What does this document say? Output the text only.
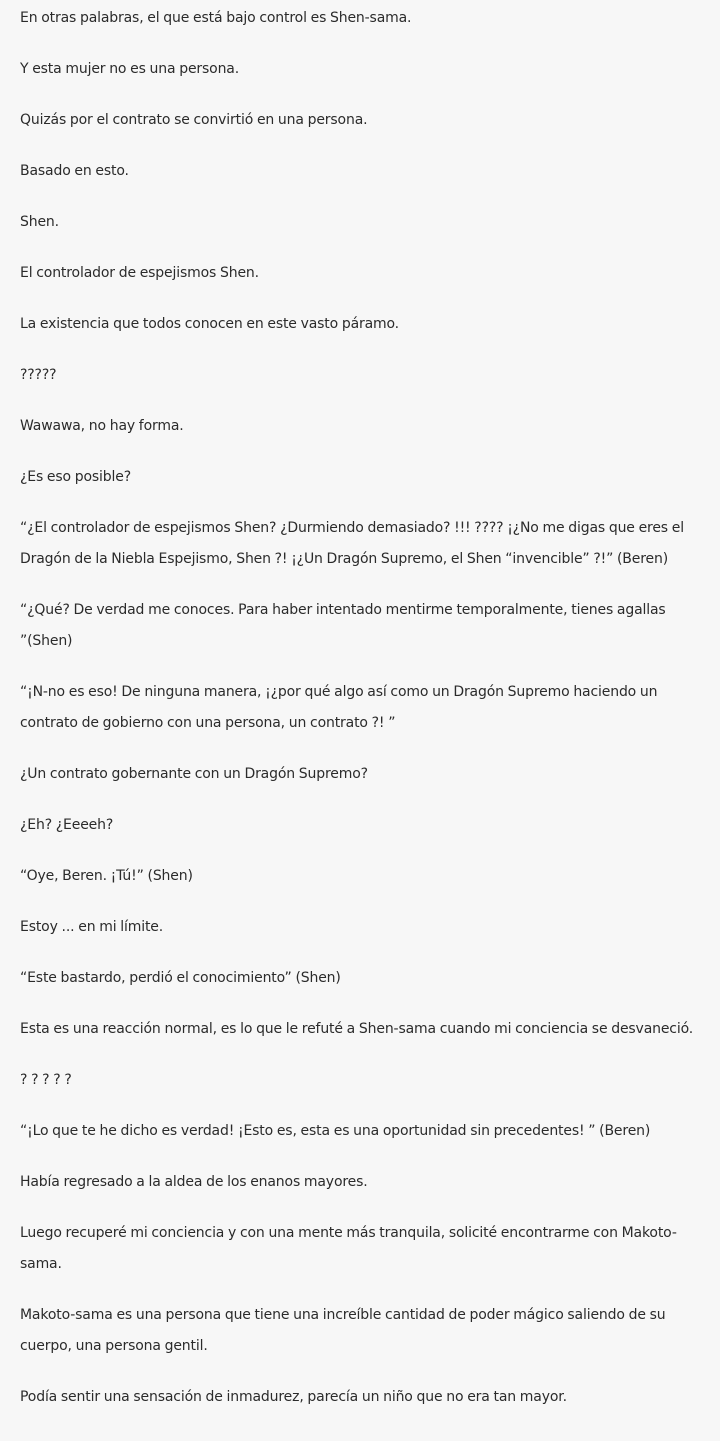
En otras palabras, el que está bajo control es Shen-sama.

Y esta mujer no es una persona.

Quizás por el contrato se convirtió en una persona.

Basado en esto.

Shen.

El controlador de espejismos Shen.

La existencia que todos conocen en este vasto páramo.

?????

Wawawa, no hay forma.

¿Es eso posible?

“¿El controlador de espejismos Shen? ¿Durmiendo demasiado? !!! ???? ¡¿No me digas que eres el Dragón de la Niebla Espejismo, Shen ?! ¡¿Un Dragón Supremo, el Shen “invencible” ?!” (Beren)

“¿Qué? De verdad me conoces. Para haber intentado mentirme temporalmente, tienes agallas ”(Shen)

“¡N-no es eso! De ninguna manera, ¡¿por qué algo así como un Dragón Supremo haciendo un contrato de gobierno con una persona, un contrato ?! ”

¿Un contrato gobernante con un Dragón Supremo?

¿Eh? ¿Eeeeh?

“Oye, Beren. ¡Tú!” (Shen)

Estoy ... en mi límite.

“Este bastardo, perdió el conocimiento” (Shen)

Esta es una reacción normal, es lo que le refuté a Shen-sama cuando mi conciencia se desvaneció.

? ? ? ? ?

“¡Lo que te he dicho es verdad! ¡Esto es, esta es una oportunidad sin precedentes! ” (Beren)

Había regresado a la aldea de los enanos mayores.

Luego recuperé mi conciencia y con una mente más tranquila, solicité encontrarme con Makoto-sama.

Makoto-sama es una persona que tiene una increíble cantidad de poder mágico saliendo de su cuerpo, una persona gentil.

Podía sentir una sensación de inmadurez, parecía un niño que no era tan mayor.
